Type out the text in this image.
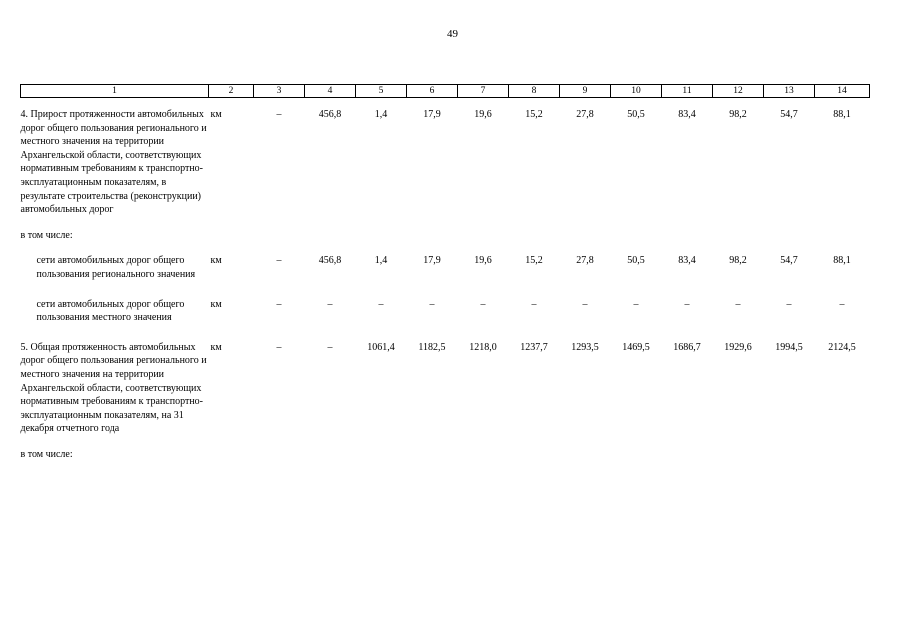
49
1	2	3	4	5	6	7	8	9	10	11	12	13	14
4. Прирост протяженности автомобильных дорог общего пользования регионального и местного значения на территории Архангельской области, соответствующих нормативным требованиям к транспортно-эксплуатационным показателям, в результате строительства (реконструкции) автомобильных дорог	км	–	456,8	1,4	17,9	19,6	15,2	27,8	50,5	83,4	98,2	54,7	88,1
в том числе:													
сети автомобильных дорог общего пользования регионального значения	км	–	456,8	1,4	17,9	19,6	15,2	27,8	50,5	83,4	98,2	54,7	88,1
сети автомобильных дорог общего пользования местного значения	км	–	–	–	–	–	–	–	–	–	–	–	–
5. Общая протяженность автомобильных дорог общего пользования регионального и местного значения на территории Архангельской области, соответствующих нормативным требованиям к транспортно-эксплуатационным показателям, на 31 декабря отчетного года	км	–	–	1061,4	1182,5	1218,0	1237,7	1293,5	1469,5	1686,7	1929,6	1994,5	2124,5
в том числе:													
